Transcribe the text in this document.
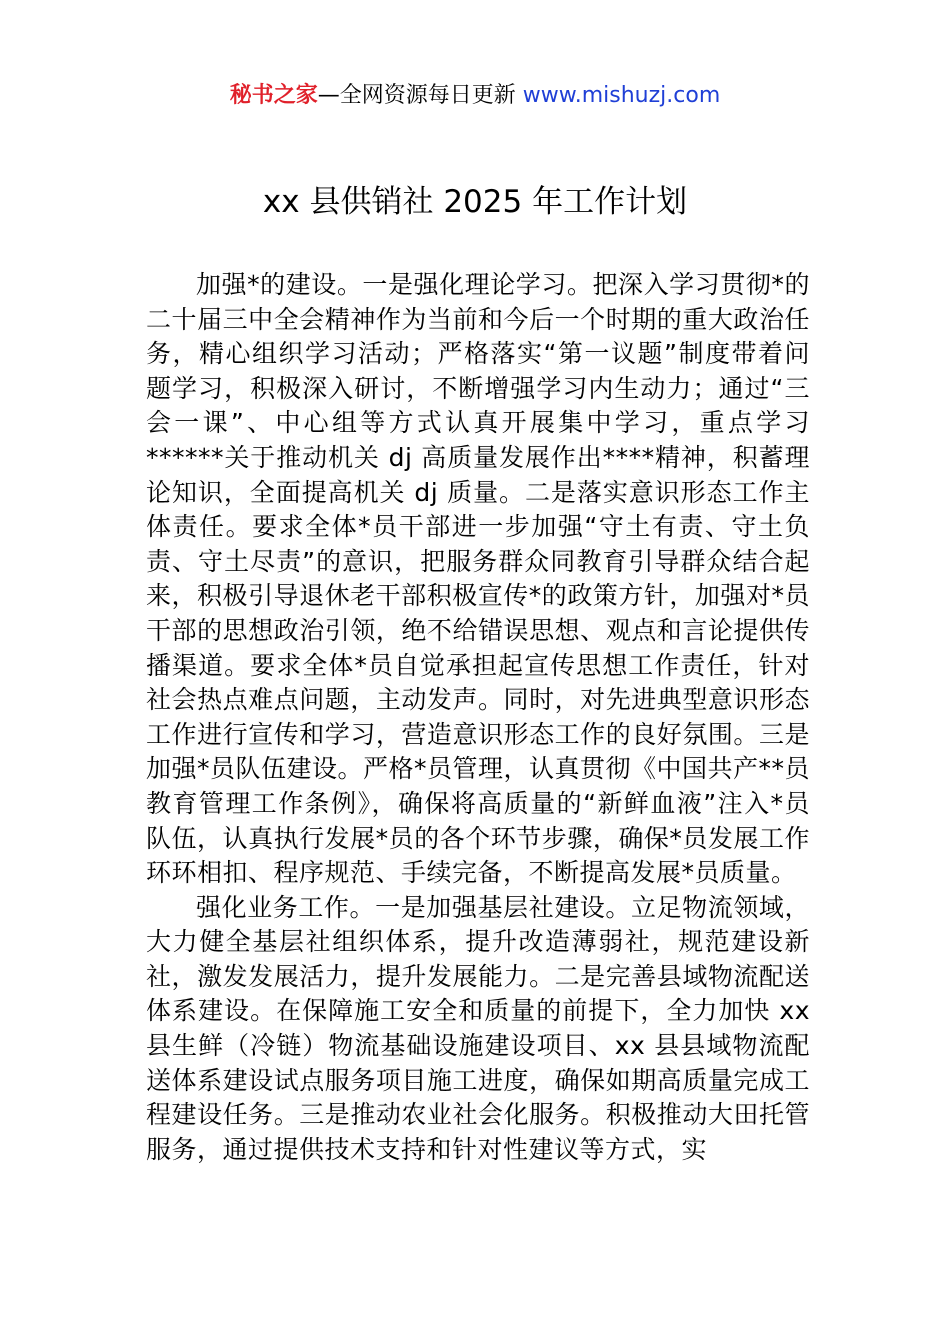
秘书之家—全网资源每日更新 www.mishuzj.com
xx 县供销社 2025 年工作计划

加强*的建设。一是强化理论学习。把深入学习贯彻*的二十届三中全会精神作为当前和今后一个时期的重大政治任务，精心组织学习活动；严格落实“第一议题”制度带着问题学习，积极深入研讨，不断增强学习内生动力；通过“三会一课”、中心组等方式认真开展集中学习，重点学习******关于推动机关 dj 高质量发展作出****精神，积蓄理论知识，全面提高机关 dj 质量。二是落实意识形态工作主体责任。要求全体*员干部进一步加强“守土有责、守土负责、守土尽责”的意识，把服务群众同教育引导群众结合起来，积极引导退休老干部积极宣传*的政策方针，加强对*员干部的思想政治引领，绝不给错误思想、观点和言论提供传播渠道。要求全体*员自觉承担起宣传思想工作责任，针对社会热点难点问题，主动发声。同时，对先进典型意识形态工作进行宣传和学习，营造意识形态工作的良好氛围。三是加强*员队伍建设。严格*员管理，认真贯彻《中国共产**员教育管理工作条例》，确保将高质量的“新鲜血液”注入*员队伍，认真执行发展*员的各个环节步骤，确保*员发展工作环环相扣、程序规范、手续完备，不断提高发展*员质量。

强化业务工作。一是加强基层社建设。立足物流领域，大力健全基层社组织体系，提升改造薄弱社，规范建设新社，激发发展活力，提升发展能力。二是完善县域物流配送体系建设。在保障施工安全和质量的前提下，全力加快 xx 县生鲜（冷链）物流基础设施建设项目、xx 县县域物流配送体系建设试点服务项目施工进度，确保如期高质量完成工程建设任务。三是推动农业社会化服务。积极推动大田托管服务，通过提供技术支持和针对性建议等方式，实
